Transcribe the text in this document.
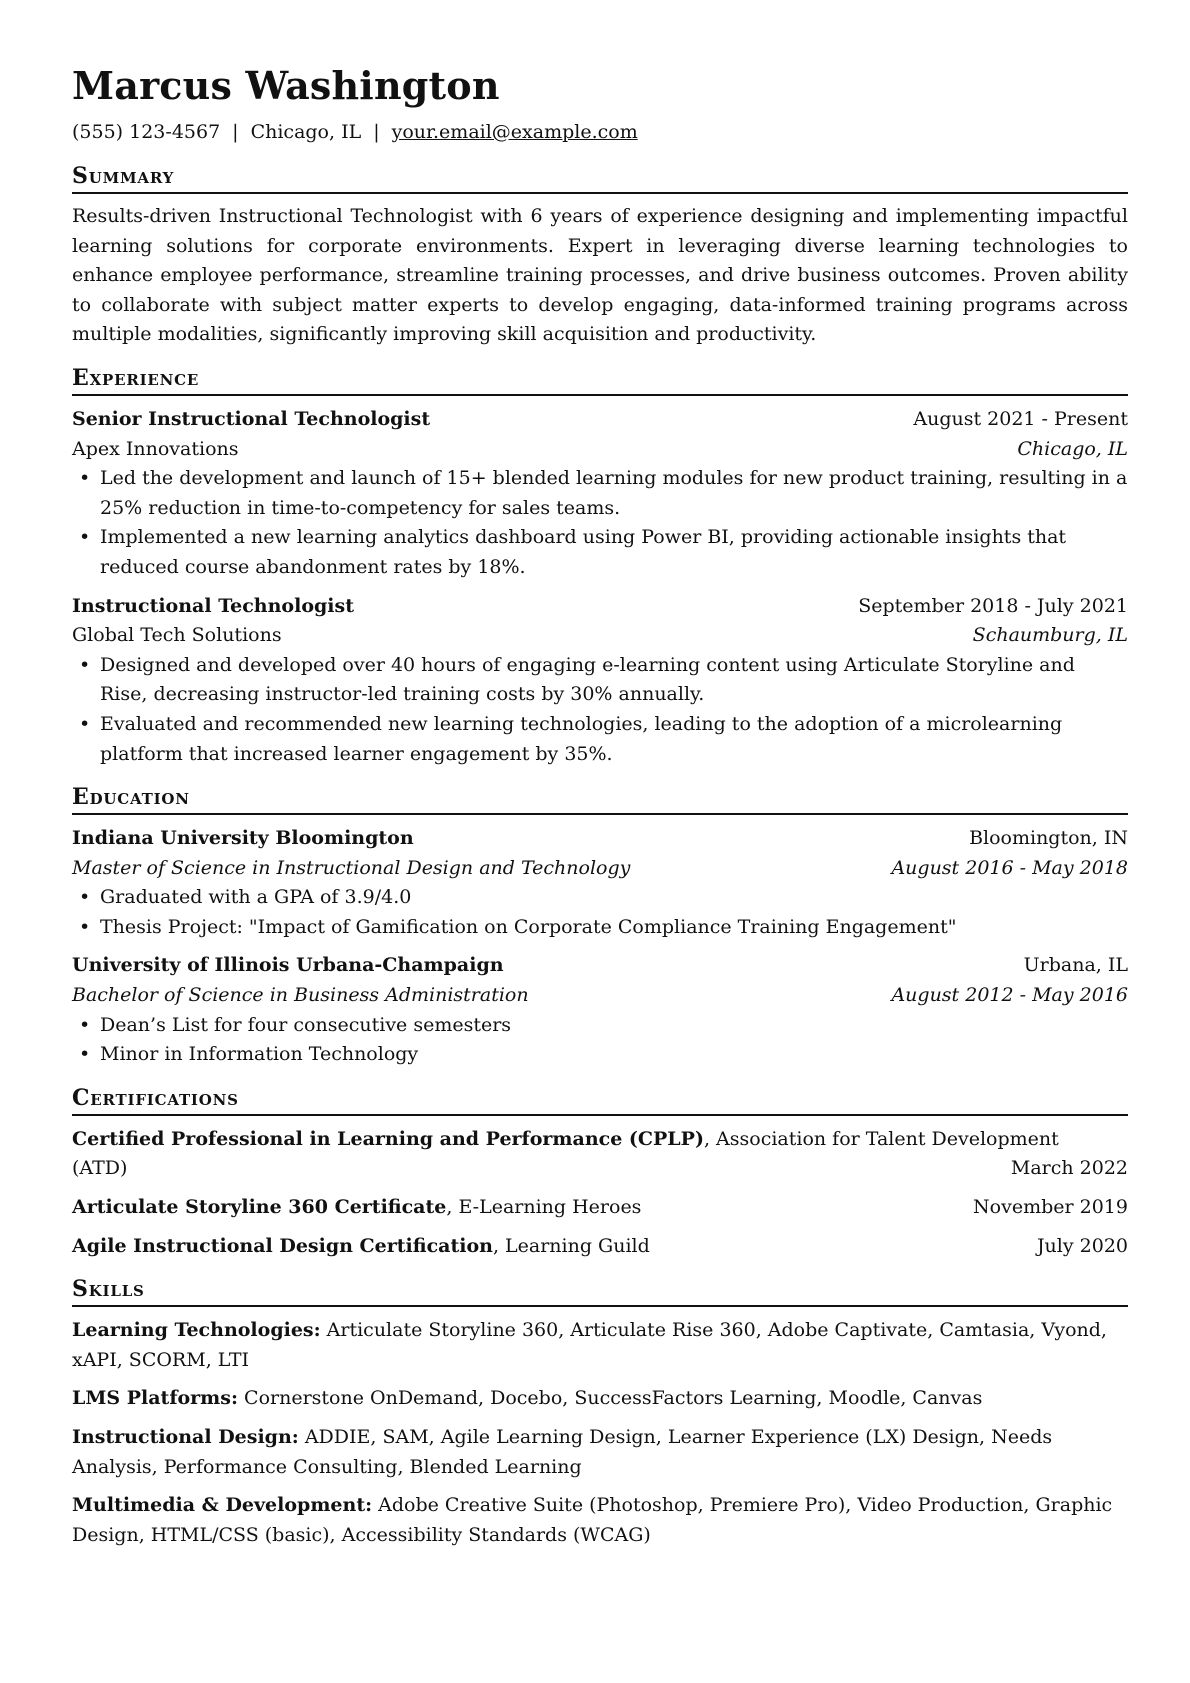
Marcus Washington
(555) 123-4567 | Chicago, IL | your.email@example.com
Summary
Results-driven Instructional Technologist with 6 years of experience designing and implementing impactful learning solutions for corporate environments. Expert in leveraging diverse learning technologies to enhance employee performance, streamline training processes, and drive business outcomes. Proven ability to collaborate with subject matter experts to develop engaging, data-informed training programs across multiple modalities, significantly improving skill acquisition and productivity.
Experience
Senior Instructional Technologist	August 2021 - Present
Apex Innovations	Chicago, IL
• Led the development and launch of 15+ blended learning modules for new product training, resulting in a 25% reduction in time-to-competency for sales teams.
• Implemented a new learning analytics dashboard using Power BI, providing actionable insights that reduced course abandonment rates by 18%.
Instructional Technologist	September 2018 - July 2021
Global Tech Solutions	Schaumburg, IL
• Designed and developed over 40 hours of engaging e-learning content using Articulate Storyline and Rise, decreasing instructor-led training costs by 30% annually.
• Evaluated and recommended new learning technologies, leading to the adoption of a microlearning platform that increased learner engagement by 35%.
Education
Indiana University Bloomington	Bloomington, IN
Master of Science in Instructional Design and Technology	August 2016 - May 2018
• Graduated with a GPA of 3.9/4.0
• Thesis Project: "Impact of Gamification on Corporate Compliance Training Engagement"
University of Illinois Urbana-Champaign	Urbana, IL
Bachelor of Science in Business Administration	August 2012 - May 2016
• Dean’s List for four consecutive semesters
• Minor in Information Technology
Certifications
Certified Professional in Learning and Performance (CPLP), Association for Talent Development
(ATD)	March 2022
Articulate Storyline 360 Certificate, E-Learning Heroes	November 2019
Agile Instructional Design Certification, Learning Guild	July 2020
Skills
Learning Technologies: Articulate Storyline 360, Articulate Rise 360, Adobe Captivate, Camtasia, Vyond, xAPI, SCORM, LTI
LMS Platforms: Cornerstone OnDemand, Docebo, SuccessFactors Learning, Moodle, Canvas
Instructional Design: ADDIE, SAM, Agile Learning Design, Learner Experience (LX) Design, Needs Analysis, Performance Consulting, Blended Learning
Multimedia & Development: Adobe Creative Suite (Photoshop, Premiere Pro), Video Production, Graphic Design, HTML/CSS (basic), Accessibility Standards (WCAG)
